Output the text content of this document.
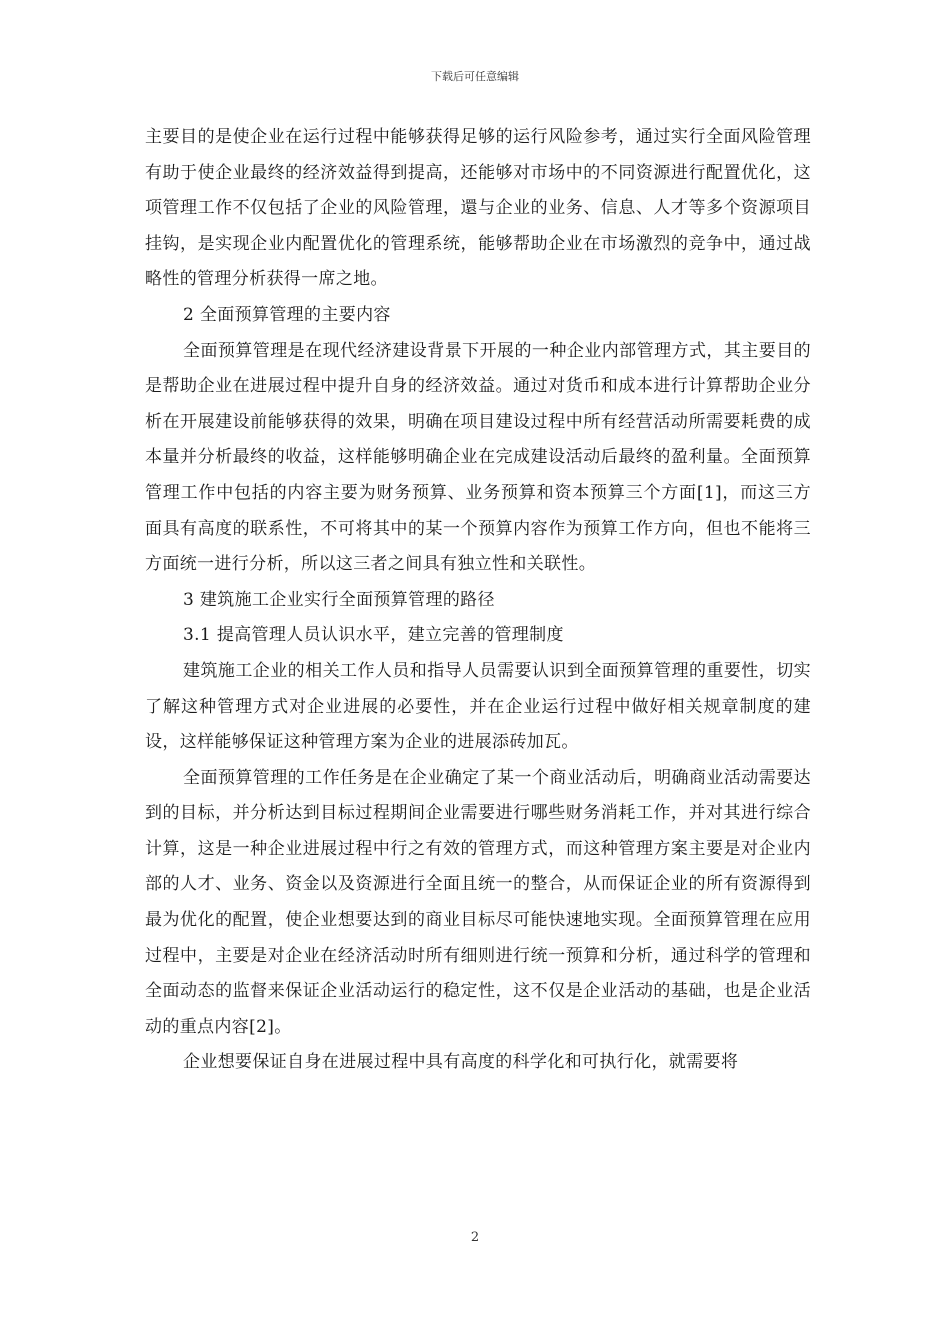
下载后可任意编辑

主要目的是使企业在运行过程中能够获得足够的运行风险参考，通过实行全面风险管理有助于使企业最终的经济效益得到提高，还能够对市场中的不同资源进行配置优化，这项管理工作不仅包括了企业的风险管理，還与企业的业务、信息、人才等多个资源项目挂钩，是实现企业内配置优化的管理系统，能够帮助企业在市场激烈的竞争中，通过战略性的管理分析获得一席之地。

2 全面预算管理的主要内容

全面预算管理是在现代经济建设背景下开展的一种企业内部管理方式，其主要目的是帮助企业在进展过程中提升自身的经济效益。通过对货币和成本进行计算帮助企业分析在开展建设前能够获得的效果，明确在项目建设过程中所有经营活动所需要耗费的成本量并分析最终的收益，这样能够明确企业在完成建设活动后最终的盈利量。全面预算管理工作中包括的内容主要为财务预算、业务预算和资本预算三个方面[1]，而这三方面具有高度的联系性，不可将其中的某一个预算内容作为预算工作方向，但也不能将三方面统一进行分析，所以这三者之间具有独立性和关联性。

3 建筑施工企业实行全面预算管理的路径

3.1 提高管理人员认识水平，建立完善的管理制度

建筑施工企业的相关工作人员和指导人员需要认识到全面预算管理的重要性，切实了解这种管理方式对企业进展的必要性，并在企业运行过程中做好相关规章制度的建设，这样能够保证这种管理方案为企业的进展添砖加瓦。

全面预算管理的工作任务是在企业确定了某一个商业活动后，明确商业活动需要达到的目标，并分析达到目标过程期间企业需要进行哪些财务消耗工作，并对其进行综合计算，这是一种企业进展过程中行之有效的管理方式，而这种管理方案主要是对企业内部的人才、业务、资金以及资源进行全面且统一的整合，从而保证企业的所有资源得到最为优化的配置，使企业想要达到的商业目标尽可能快速地实现。全面预算管理在应用过程中，主要是对企业在经济活动时所有细则进行统一预算和分析，通过科学的管理和全面动态的监督来保证企业活动运行的稳定性，这不仅是企业活动的基础，也是企业活动的重点内容[2]。

企业想要保证自身在进展过程中具有高度的科学化和可执行化，就需要将

2
